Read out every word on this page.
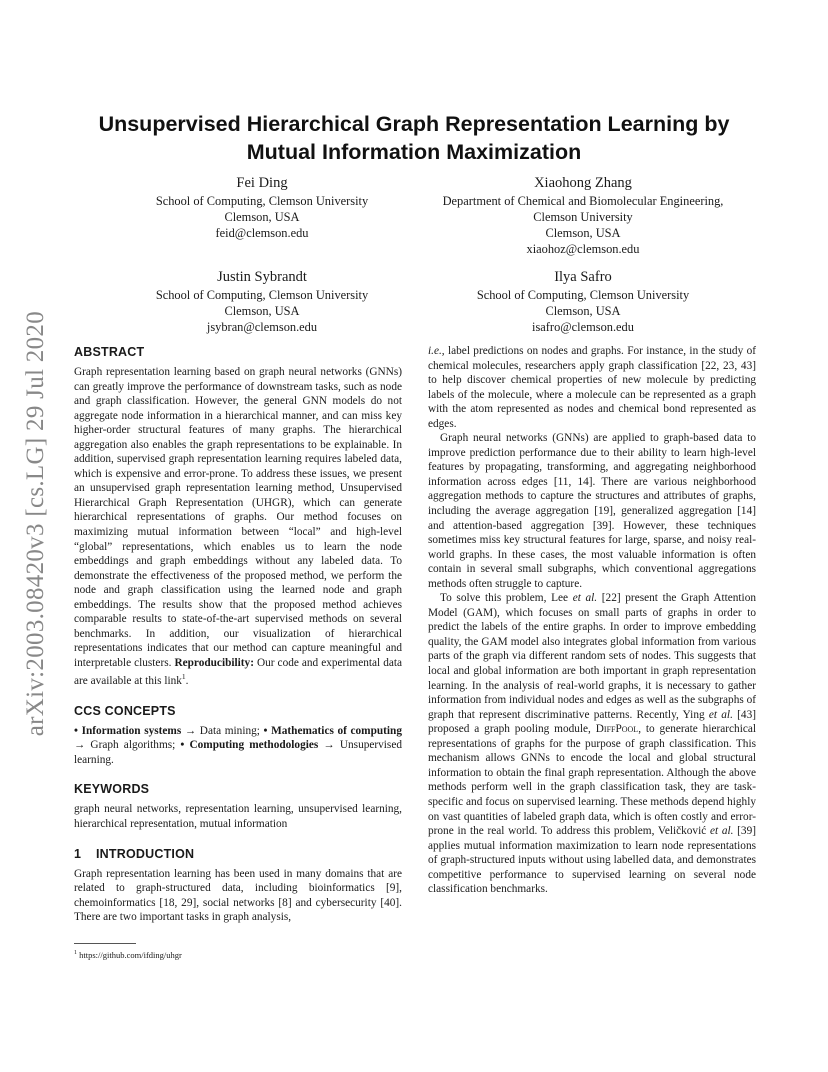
arXiv:2003.08420v3 [cs.LG] 29 Jul 2020
Unsupervised Hierarchical Graph Representation Learning by
Mutual Information Maximization
Fei Ding
School of Computing, Clemson University
Clemson, USA
feid@clemson.edu
Xiaohong Zhang
Department of Chemical and Biomolecular Engineering,
Clemson University
Clemson, USA
xiaohoz@clemson.edu
Justin Sybrandt
School of Computing, Clemson University
Clemson, USA
jsybran@clemson.edu
Ilya Safro
School of Computing, Clemson University
Clemson, USA
isafro@clemson.edu
ABSTRACT

Graph representation learning based on graph neural networks (GNNs) can greatly improve the performance of downstream tasks, such as node and graph classification. However, the general GNN models do not aggregate node information in a hierarchical manner, and can miss key higher-order structural features of many graphs. The hierarchical aggregation also enables the graph representations to be explainable. In addition, supervised graph representation learning requires labeled data, which is expensive and error-prone. To address these issues, we present an unsupervised graph representation learning method, Unsupervised Hierarchical Graph Representation (UHGR), which can generate hierarchical representations of graphs. Our method focuses on maximizing mutual information between “local” and high-level “global” representations, which enables us to learn the node embeddings and graph embeddings without any labeled data. To demonstrate the effectiveness of the proposed method, we perform the node and graph classification using the learned node and graph embeddings. The results show that the proposed method achieves comparable results to state-of-the-art supervised methods on several benchmarks. In addition, our visualization of hierarchical representations indicates that our method can capture meaningful and interpretable clusters. Reproducibility: Our code and experimental data are available at this link$^1$.

CCS CONCEPTS

• Information systems → Data mining; • Mathematics of computing → Graph algorithms; • Computing methodologies → Unsupervised learning.

KEYWORDS

graph neural networks, representation learning, unsupervised learning, hierarchical representation, mutual information

1 INTRODUCTION

Graph representation learning has been used in many domains that are related to graph-structured data, including bioinformatics [9], chemoinformatics [18, 29], social networks [8] and cybersecurity [40]. There are two important tasks in graph analysis,

i.e., label predictions on nodes and graphs. For instance, in the study of chemical molecules, researchers apply graph classification [22, 23, 43] to help discover chemical properties of new molecule by predicting labels of the molecule, where a molecule can be represented as a graph with the atom represented as nodes and chemical bond represented as edges.

Graph neural networks (GNNs) are applied to graph-based data to improve prediction performance due to their ability to learn high-level features by propagating, transforming, and aggregating neighborhood information across edges [11, 14]. There are various neighborhood aggregation methods to capture the structures and attributes of graphs, including the average aggregation [19], generalized aggregation [14] and attention-based aggregation [39]. However, these techniques sometimes miss key structural features for large, sparse, and noisy real-world graphs. In these cases, the most valuable information is often contain in several small subgraphs, which conventional aggregations methods often struggle to capture.

To solve this problem, Lee et al. [22] present the Graph Attention Model (GAM), which focuses on small parts of graphs in order to predict the labels of the entire graphs. In order to improve embedding quality, the GAM model also integrates global information from various parts of the graph via different random sets of nodes. This suggests that local and global information are both important in graph representation learning. In the analysis of real-world graphs, it is necessary to gather information from individual nodes and edges as well as the subgraphs of graph that represent discriminative patterns. Recently, Ying et al. [43] proposed a graph pooling module, DiffPool, to generate hierarchical representations of graphs for the purpose of graph classification. This mechanism allows GNNs to encode the local and global structural information to obtain the final graph representation. Although the above methods perform well in the graph classification task, they are task-specific and focus on supervised learning. These methods depend highly on vast quantities of labeled graph data, which is often costly and error-prone in the real world. To address this problem, Veličković et al. [39] applies mutual information maximization to learn node representations of graph-structured inputs without using labelled data, and demonstrates competitive performance to supervised learning on several node classification benchmarks.

$^1$ https://github.com/ifding/uhgr
